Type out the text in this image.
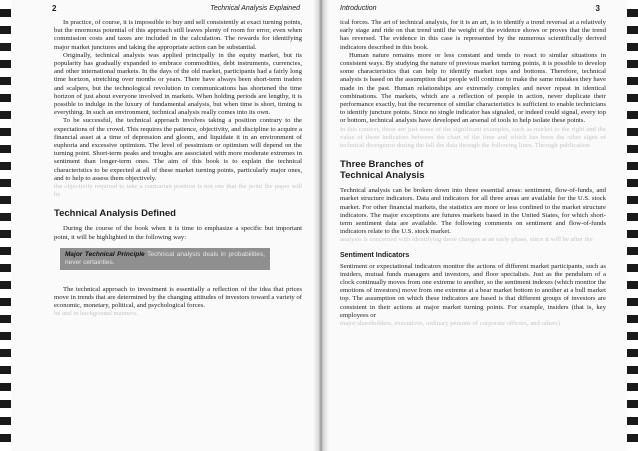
2	Technical Analysis Explained

In practice, of course, it is impossible to buy and sell consistently at exact turning points, but the enormous potential of this approach still leaves plenty of room for error, even when commission costs and taxes are included in the calculation. The rewards for identifying major market junctures and taking the appropriate action can be substantial.

Originally, technical analysis was applied principally in the equity market, but its popularity has gradually expanded to embrace commodities, debt instruments, currencies, and other international markets. In the days of the old market, participants had a fairly long time horizon, stretching over months or years. There have always been short-term traders and scalpers, but the technological revolution in communications has shortened the time horizon of just about everyone involved in markets. When holding periods are lengthy, it is possible to indulge in the luxury of fundamental analysis, but when time is short, timing is everything. In such an environment, technical analysis really comes into its own.

To be successful, the technical approach involves taking a position contrary to the expectations of the crowd. This requires the patience, objectivity, and discipline to acquire a financial asset at a time of depression and gloom, and liquidate it in an environment of euphoria and excessive optimism. The level of pessimism or optimism will depend on the turning point. Short-term peaks and troughs are associated with more moderate extremes in sentiment than longer-term ones. The aim of this book is to explain the technical characteristics to be expected at all of these market turning points, particularly major ones, and to help to assess them objectively.

the objectivity required to take a contrarian position is not one that the point the paper will be

Technical Analysis Defined

During the course of the book when it is time to emphasize a specific but important point, it will be highlighted in the following way:

Major Technical Principle Technical analysis deals in probabilities, never certainties.

The technical approach to investment is essentially a reflection of the idea that prices move in trends that are determined by the changing attitudes of investors toward a variety of economic, monetary, political, and psychological forces.

be and in background manners.

Introduction	3

ical forces. The art of technical analysis, for it is an art, is to identify a trend reversal at a relatively early stage and ride on that trend until the weight of the evidence shows or proves that the trend has reversed. The evidence in this case is represented by the numerous scientifically derived indicators described in this book.

Human nature remains more or less constant and tends to react to similar situations in consistent ways. By studying the nature of previous market turning points, it is possible to develop some characteristics that can help to identify market tops and bottoms. Therefore, technical analysis is based on the assumption that people will continue to make the same mistakes they have made in the past. Human relationships are extremely complex and never repeat in identical combinations. The markets, which are a reflection of people in action, never duplicate their performance exactly, but the recurrence of similar characteristics is sufficient to enable technicians to identify juncture points. Since no single indicator has signaled, or indeed could signal, every top or bottom, technical analysts have developed an arsenal of tools to help isolate these points.

in this context, these are just some of the significant examples, such as market to the right and the value of these indicators between the chart of the time and which has been the other signs of technical divergence during the fall the data through the following lines. Through publication

Three Branches of
Technical Analysis

Technical analysis can be broken down into three essential areas: sentiment, flow-of-funds, and market structure indicators. Data and indicators for all three areas are available for the U.S. stock market. For other financial markets, the statistics are more or less confined to the market structure indicators. The major exceptions are futures markets based in the United States, for which short-term sentiment data are available. The following comments on sentiment and flow-of-funds indicators relate to the U.S. stock market.

analysis is concerned with identifying these changes at an early phase, since it will be after the

Sentiment Indicators

Sentiment or expectational indicators monitor the actions of different market participants, such as insiders, mutual funds managers and investors, and floor specialists. Just as the pendulum of a clock continually moves from one extreme to another, so the sentiment indexes (which monitor the emotions of investors) move from one extreme at a bear market bottom to another at a bull market top. The assumption on which these indicators are based is that different groups of investors are consistent in their actions at major market turning points. For example, insiders (that is, key employees or

major shareholders, executives, ordinary persons of corporate officers, and others)
